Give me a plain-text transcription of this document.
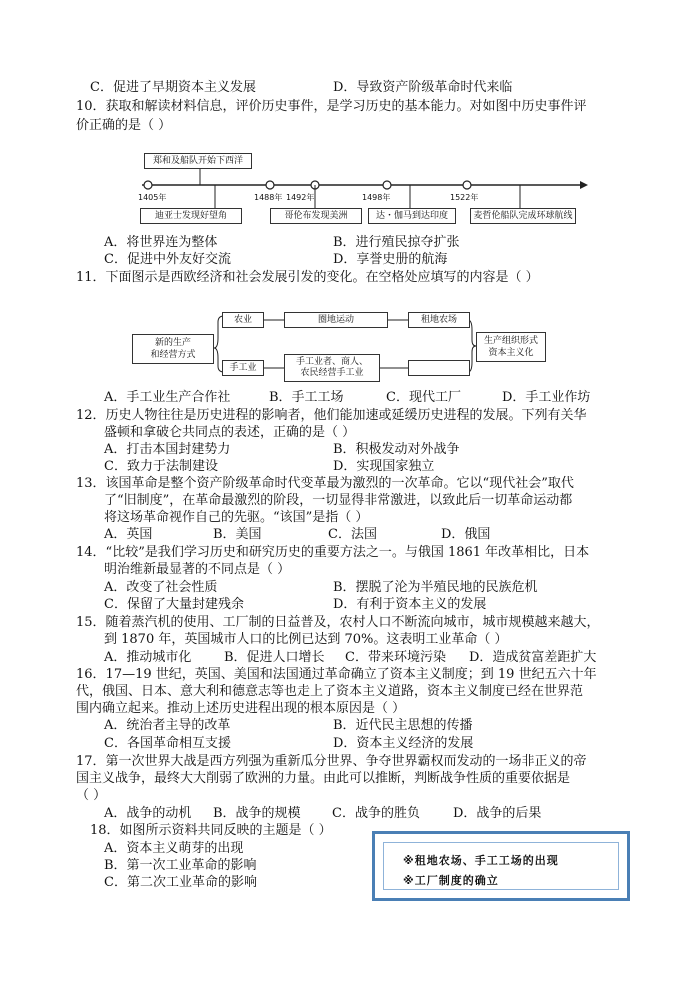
C．促进了早期资本主义发展	D．导致资产阶级革命时代来临
10．获取和解读材料信息，评价历史事件，是学习历史的基本能力。对如图中历史事件评
价正确的是（ ）
郑和及船队开始下西洋
1405年	1488年 1492年	1498年	1522年
迪亚士发现好望角	哥伦布发现美洲	达・伽马到达印度	麦哲伦船队完成环球航线
A．将世界连为整体	B．进行殖民掠夺扩张
C．促进中外友好交流	D．享誉史册的航海
11．下面图示是西欧经济和社会发展引发的变化。在空格处应填写的内容是（ ）
新的生产
和经营方式
农业	圈地运动	租地农场
手工业
手工业者、商人、
农民经营手工业
生产组织形式
资本主义化
A．手工业生产合作社	B．手工工场	C．现代工厂	D．手工业作坊
12．历史人物往往是历史进程的影响者，他们能加速或延缓历史进程的发展。下列有关华
盛顿和拿破仑共同点的表述，正确的是（ ）
A．打击本国封建势力	B．积极发动对外战争
C．致力于法制建设	D．实现国家独立
13．该国革命是整个资产阶级革命时代变革最为激烈的一次革命。它以“现代社会”取代
了“旧制度”，在革命最激烈的阶段，一切显得非常激进，以致此后一切革命运动都
将这场革命视作自己的先驱。“该国”是指（ ）
A．英国	B．美国	C．法国	D．俄国
14．“比较”是我们学习历史和研究历史的重要方法之一。与俄国 1861 年改革相比，日本
明治维新最显著的不同点是（ ）
A．改变了社会性质	B．摆脱了沦为半殖民地的民族危机
C．保留了大量封建残余	D．有利于资本主义的发展
15．随着蒸汽机的使用、工厂制的日益普及，农村人口不断流向城市，城市规模越来越大，
到 1870 年，英国城市人口的比例已达到 70%。这表明工业革命（ ）
A．推动城市化	B．促进人口增长 C．带来环境污染 D．造成贫富差距扩大
16．17—19 世纪，英国、美国和法国通过革命确立了资本主义制度；到 19 世纪五六十年
代，俄国、日本、意大利和德意志等也走上了资本主义道路，资本主义制度已经在世界范
围内确立起来。推动上述历史进程出现的根本原因是（ ）
A．统治者主导的改革	B．近代民主思想的传播
C．各国革命相互支援	D．资本主义经济的发展
17．第一次世界大战是西方列强为重新瓜分世界、争夺世界霸权而发动的一场非正义的帝
国主义战争，最终大大削弱了欧洲的力量。由此可以推断，判断战争性质的重要依据是
（ ）
A．战争的动机 B．战争的规模 C．战争的胜负	D．战争的后果
18．如图所示资料共同反映的主题是（ ）
A．资本主义萌芽的出现
B．第一次工业革命的影响
C．第二次工业革命的影响
※租地农场、手工工场的出现
※工厂制度的确立
